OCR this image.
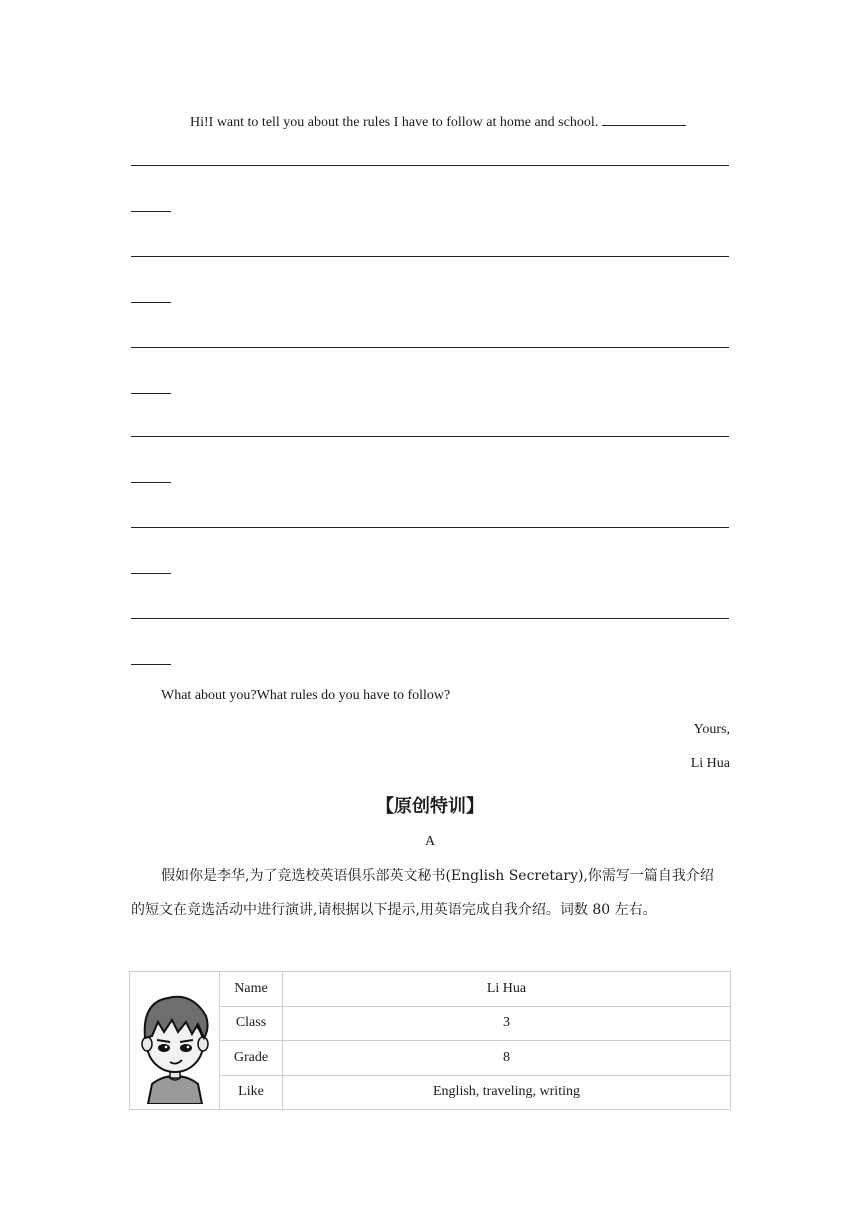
Hi!I want to tell you about the rules I have to follow at home and school.
What about you?What rules do you have to follow?
Yours,
Li Hua
【原创特训】
A

假如你是李华,为了竞选校英语俱乐部英文秘书(English Secretary),你需写一篇自我介绍

的短文在竞选活动中进行演讲,请根据以下提示,用英语完成自我介绍。词数 80 左右。

	Name	Li Hua
	Class	3
	Grade	8
	Like	English, traveling, writing
